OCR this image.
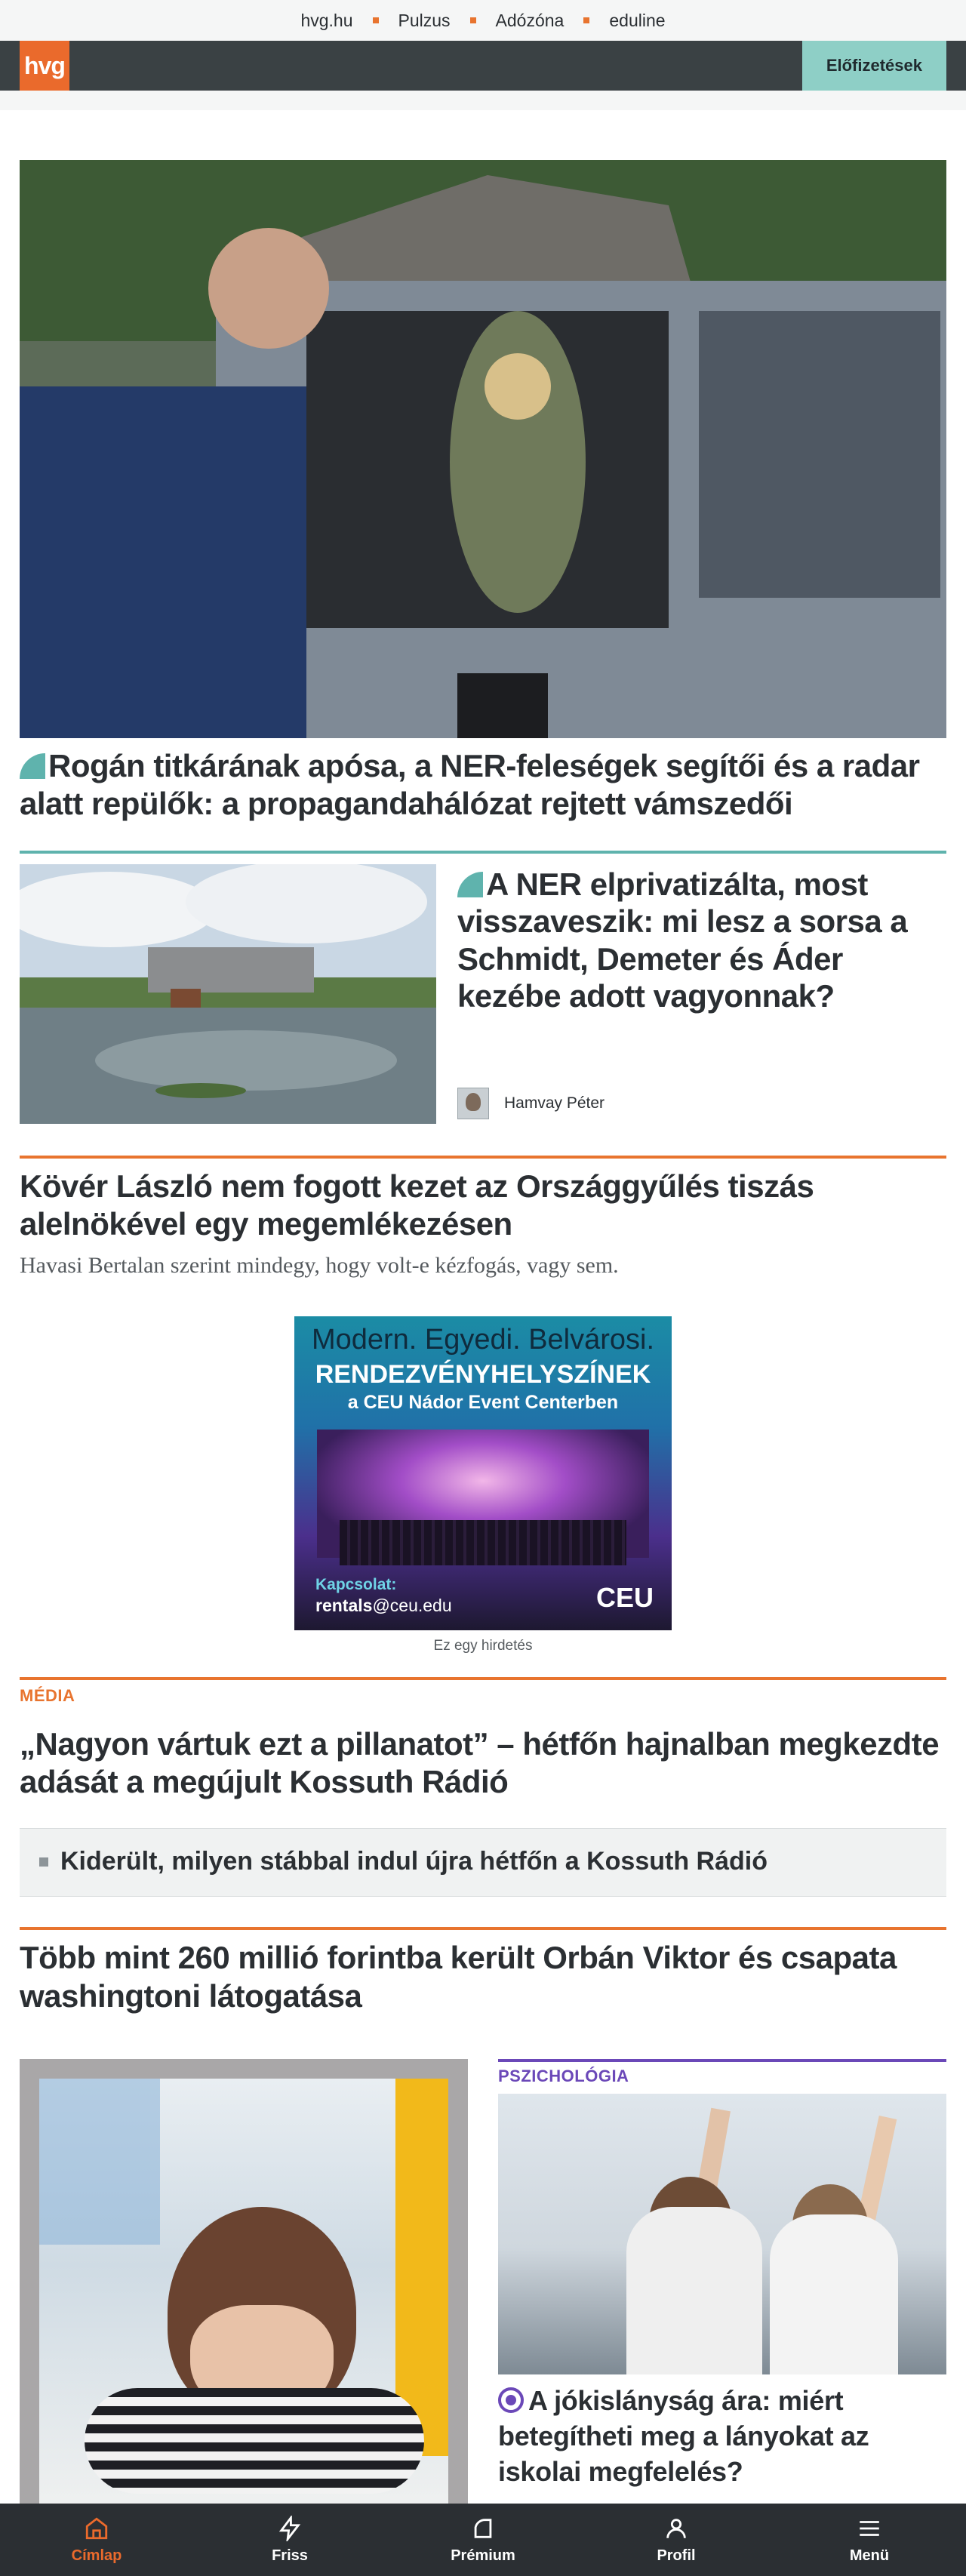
hvg.hu	Pulzus	Adózóna	eduline
hvg	Előfizetések
Rogán titkárának apósa, a NER-feleségek segítői és a radar alatt repülők: a propagandahálózat rejtett vámszedői
A NER elprivatizálta, most visszaveszik: mi lesz a sorsa a Schmidt, Demeter és Áder kezébe adott vagyonnak?
Hamvay Péter
Kövér László nem fogott kezet az Országgyűlés tiszás alelnökével egy megemlékezésen

Havasi Bertalan szerint mindegy, hogy volt-e kézfogás, vagy sem.

Modern. Egyedi. Belvárosi.
RENDEZVÉNYHELYSZÍNEK
a CEU Nádor Event Centerben
Kapcsolat:
rentals@ceu.edu	CEU
Ez egy hirdetés
MÉDIA
„Nagyon vártuk ezt a pillanatot” – hétfőn hajnalban megkezdte adását a megújult Kossuth Rádió
Kiderült, milyen stábbal indul újra hétfőn a Kossuth Rádió
Több mint 260 millió forintba került Orbán Viktor és csapata washingtoni látogatása
PSZICHOLÓGIA
A jókislányság ára: miért betegítheti meg a lányokat az iskolai megfelelés?
Címlap	Friss	Prémium	Profil	Menü
